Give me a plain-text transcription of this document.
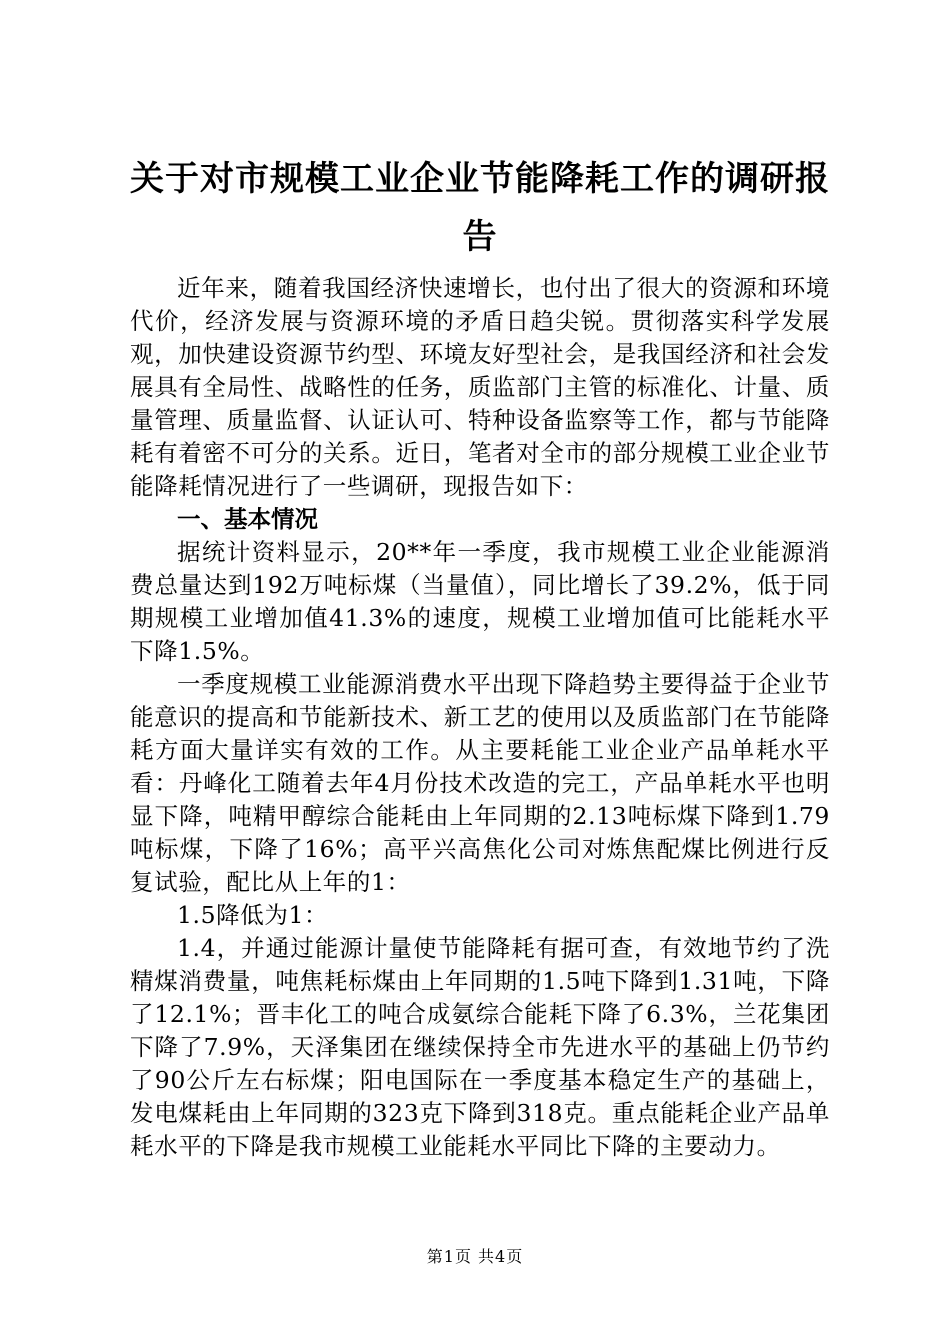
关于对市规模工业企业节能降耗工作的调研报告

近年来，随着我国经济快速增长，也付出了很大的资源和环境代价，经济发展与资源环境的矛盾日趋尖锐。贯彻落实科学发展观，加快建设资源节约型、环境友好型社会，是我国经济和社会发展具有全局性、战略性的任务，质监部门主管的标准化、计量、质量管理、质量监督、认证认可、特种设备监察等工作，都与节能降耗有着密不可分的关系。近日，笔者对全市的部分规模工业企业节能降耗情况进行了一些调研，现报告如下：

一、基本情况

据统计资料显示，20**年一季度，我市规模工业企业能源消费总量达到192万吨标煤（当量值），同比增长了39.2%，低于同期规模工业增加值41.3%的速度，规模工业增加值可比能耗水平下降1.5%。

一季度规模工业能源消费水平出现下降趋势主要得益于企业节能意识的提高和节能新技术、新工艺的使用以及质监部门在节能降耗方面大量详实有效的工作。从主要耗能工业企业产品单耗水平看：丹峰化工随着去年4月份技术改造的完工，产品单耗水平也明显下降，吨精甲醇综合能耗由上年同期的2.13吨标煤下降到1.79吨标煤，下降了16%；高平兴高焦化公司对炼焦配煤比例进行反复试验，配比从上年的1：

1.5降低为1：

1.4，并通过能源计量使节能降耗有据可查，有效地节约了洗精煤消费量，吨焦耗标煤由上年同期的1.5吨下降到1.31吨，下降了12.1%；晋丰化工的吨合成氨综合能耗下降了6.3%，兰花集团下降了7.9%，天泽集团在继续保持全市先进水平的基础上仍节约了90公斤左右标煤；阳电国际在一季度基本稳定生产的基础上，发电煤耗由上年同期的323克下降到318克。重点能耗企业产品单耗水平的下降是我市规模工业能耗水平同比下降的主要动力。

第1页 共4页
